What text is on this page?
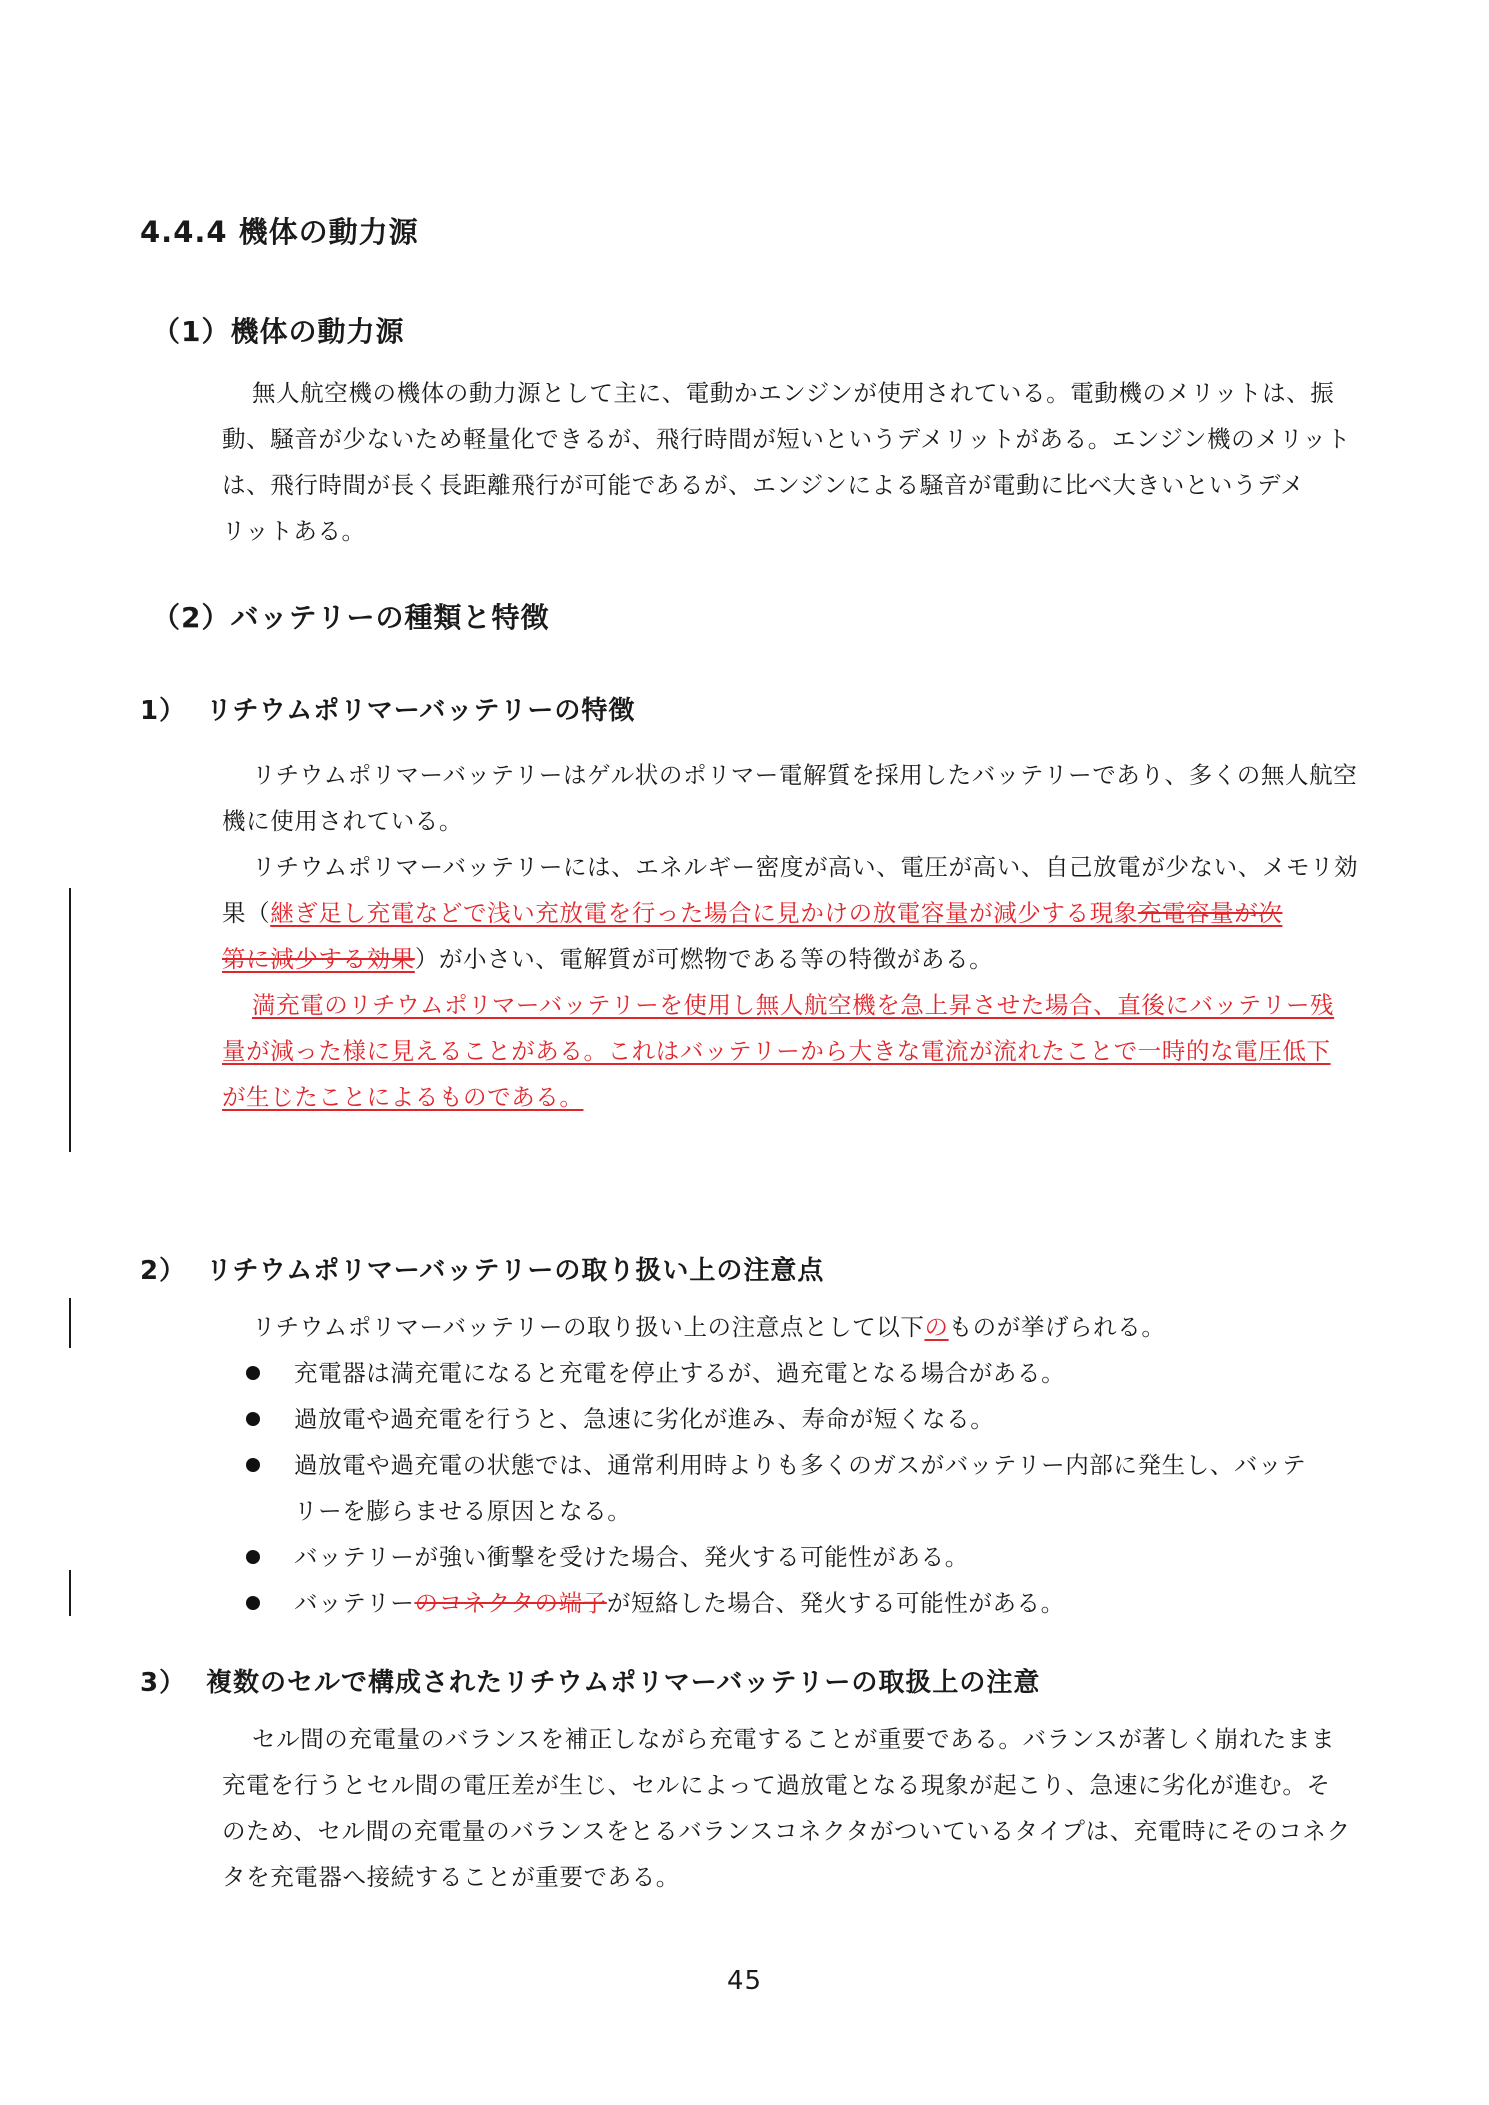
4.4.4 機体の動力源
（1）機体の動力源
無人航空機の機体の動力源として主に、電動かエンジンが使用されている。電動機のメリットは、振
動、騒音が少ないため軽量化できるが、飛行時間が短いというデメリットがある。エンジン機のメリット
は、飛行時間が長く長距離飛行が可能であるが、エンジンによる騒音が電動に比べ大きいというデメ
リットある。
（2）バッテリーの種類と特徴
1） リチウムポリマーバッテリーの特徴
リチウムポリマーバッテリーはゲル状のポリマー電解質を採用したバッテリーであり、多くの無人航空
機に使用されている。
リチウムポリマーバッテリーには、エネルギー密度が高い、電圧が高い、自己放電が少ない、メモリ効
果（継ぎ足し充電などで浅い充放電を行った場合に見かけの放電容量が減少する現象充電容量が次
第に減少する効果）が小さい、電解質が可燃物である等の特徴がある。
満充電のリチウムポリマーバッテリーを使用し無人航空機を急上昇させた場合、直後にバッテリー残
量が減った様に見えることがある。これはバッテリーから大きな電流が流れたことで一時的な電圧低下
が生じたことによるものである。
2） リチウムポリマーバッテリーの取り扱い上の注意点
リチウムポリマーバッテリーの取り扱い上の注意点として以下のものが挙げられる。
充電器は満充電になると充電を停止するが、過充電となる場合がある。
過放電や過充電を行うと、急速に劣化が進み、寿命が短くなる。
過放電や過充電の状態では、通常利用時よりも多くのガスがバッテリー内部に発生し、バッテ
リーを膨らませる原因となる。
バッテリーが強い衝撃を受けた場合、発火する可能性がある。
バッテリーのコネクタの端子が短絡した場合、発火する可能性がある。
3） 複数のセルで構成されたリチウムポリマーバッテリーの取扱上の注意
セル間の充電量のバランスを補正しながら充電することが重要である。バランスが著しく崩れたまま
充電を行うとセル間の電圧差が生じ、セルによって過放電となる現象が起こり、急速に劣化が進む。そ
のため、セル間の充電量のバランスをとるバランスコネクタがついているタイプは、充電時にそのコネク
タを充電器へ接続することが重要である。
45
